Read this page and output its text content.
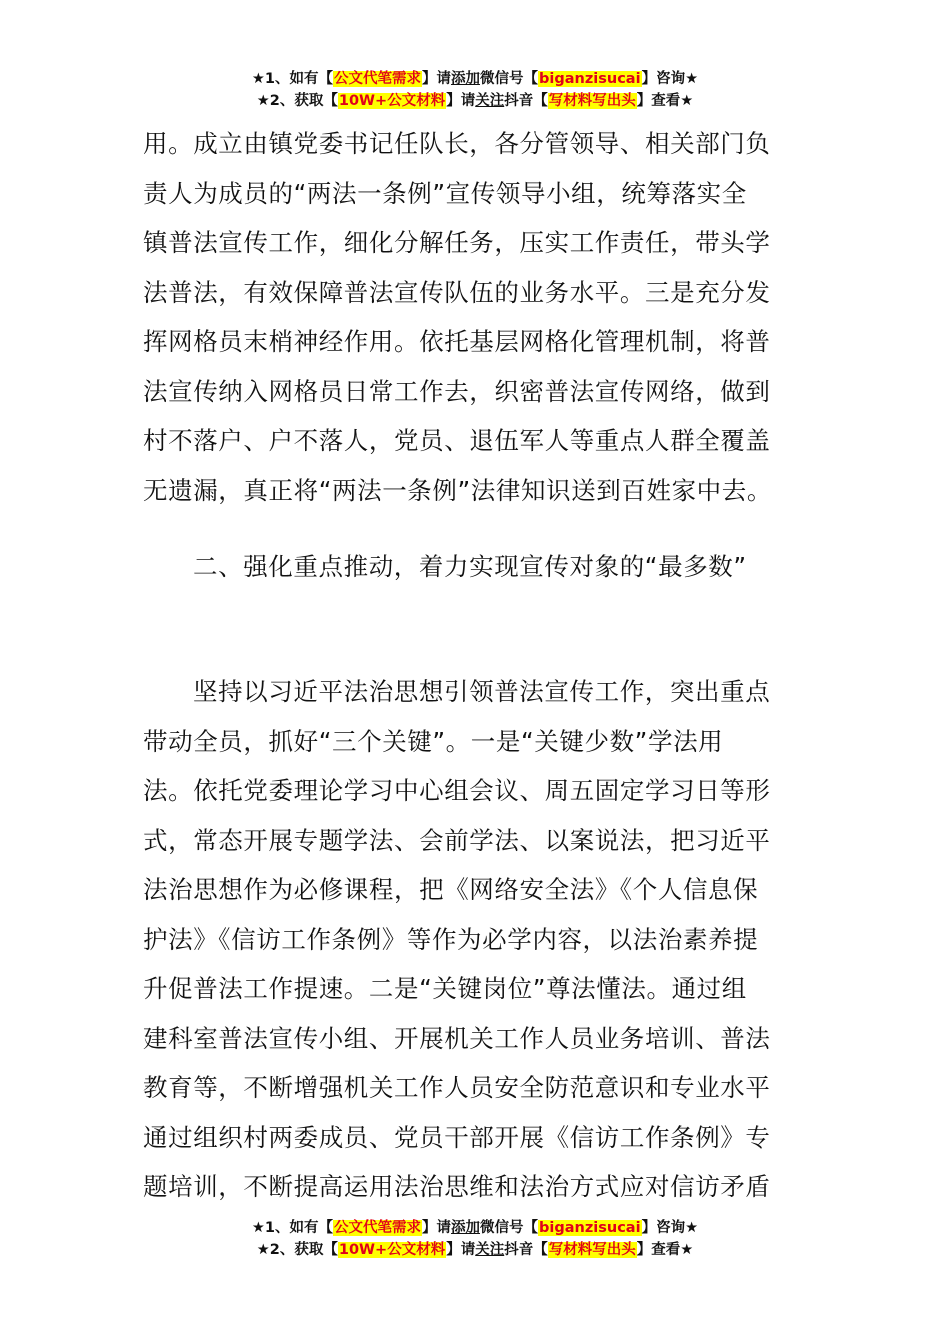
★1、如有【公文代笔需求】请添加微信号【biganzisucai】咨询★
★2、获取【10W+公文材料】请关注抖音【写材料写出头】查看★
用。成立由镇党委书记任队长，各分管领导、相关部门负
责人为成员的“两法一条例”宣传领导小组，统筹落实全
镇普法宣传工作，细化分解任务，压实工作责任，带头学
法普法，有效保障普法宣传队伍的业务水平。三是充分发
挥网格员末梢神经作用。依托基层网格化管理机制，将普
法宣传纳入网格员日常工作去，织密普法宣传网络，做到
村不落户、户不落人，党员、退伍军人等重点人群全覆盖
无遗漏，真正将“两法一条例”法律知识送到百姓家中去。
二、强化重点推动，着力实现宣传对象的“最多数”
坚持以习近平法治思想引领普法宣传工作，突出重点
带动全员，抓好“三个关键”。一是“关键少数”学法用
法。依托党委理论学习中心组会议、周五固定学习日等形
式，常态开展专题学法、会前学法、以案说法，把习近平
法治思想作为必修课程，把《网络安全法》《个人信息保
护法》《信访工作条例》等作为必学内容，以法治素养提
升促普法工作提速。二是“关键岗位”尊法懂法。通过组
建科室普法宣传小组、开展机关工作人员业务培训、普法
教育等，不断增强机关工作人员安全防范意识和专业水平
通过组织村两委成员、党员干部开展《信访工作条例》专
题培训，不断提高运用法治思维和法治方式应对信访矛盾
★1、如有【公文代笔需求】请添加微信号【biganzisucai】咨询★
★2、获取【10W+公文材料】请关注抖音【写材料写出头】查看★
